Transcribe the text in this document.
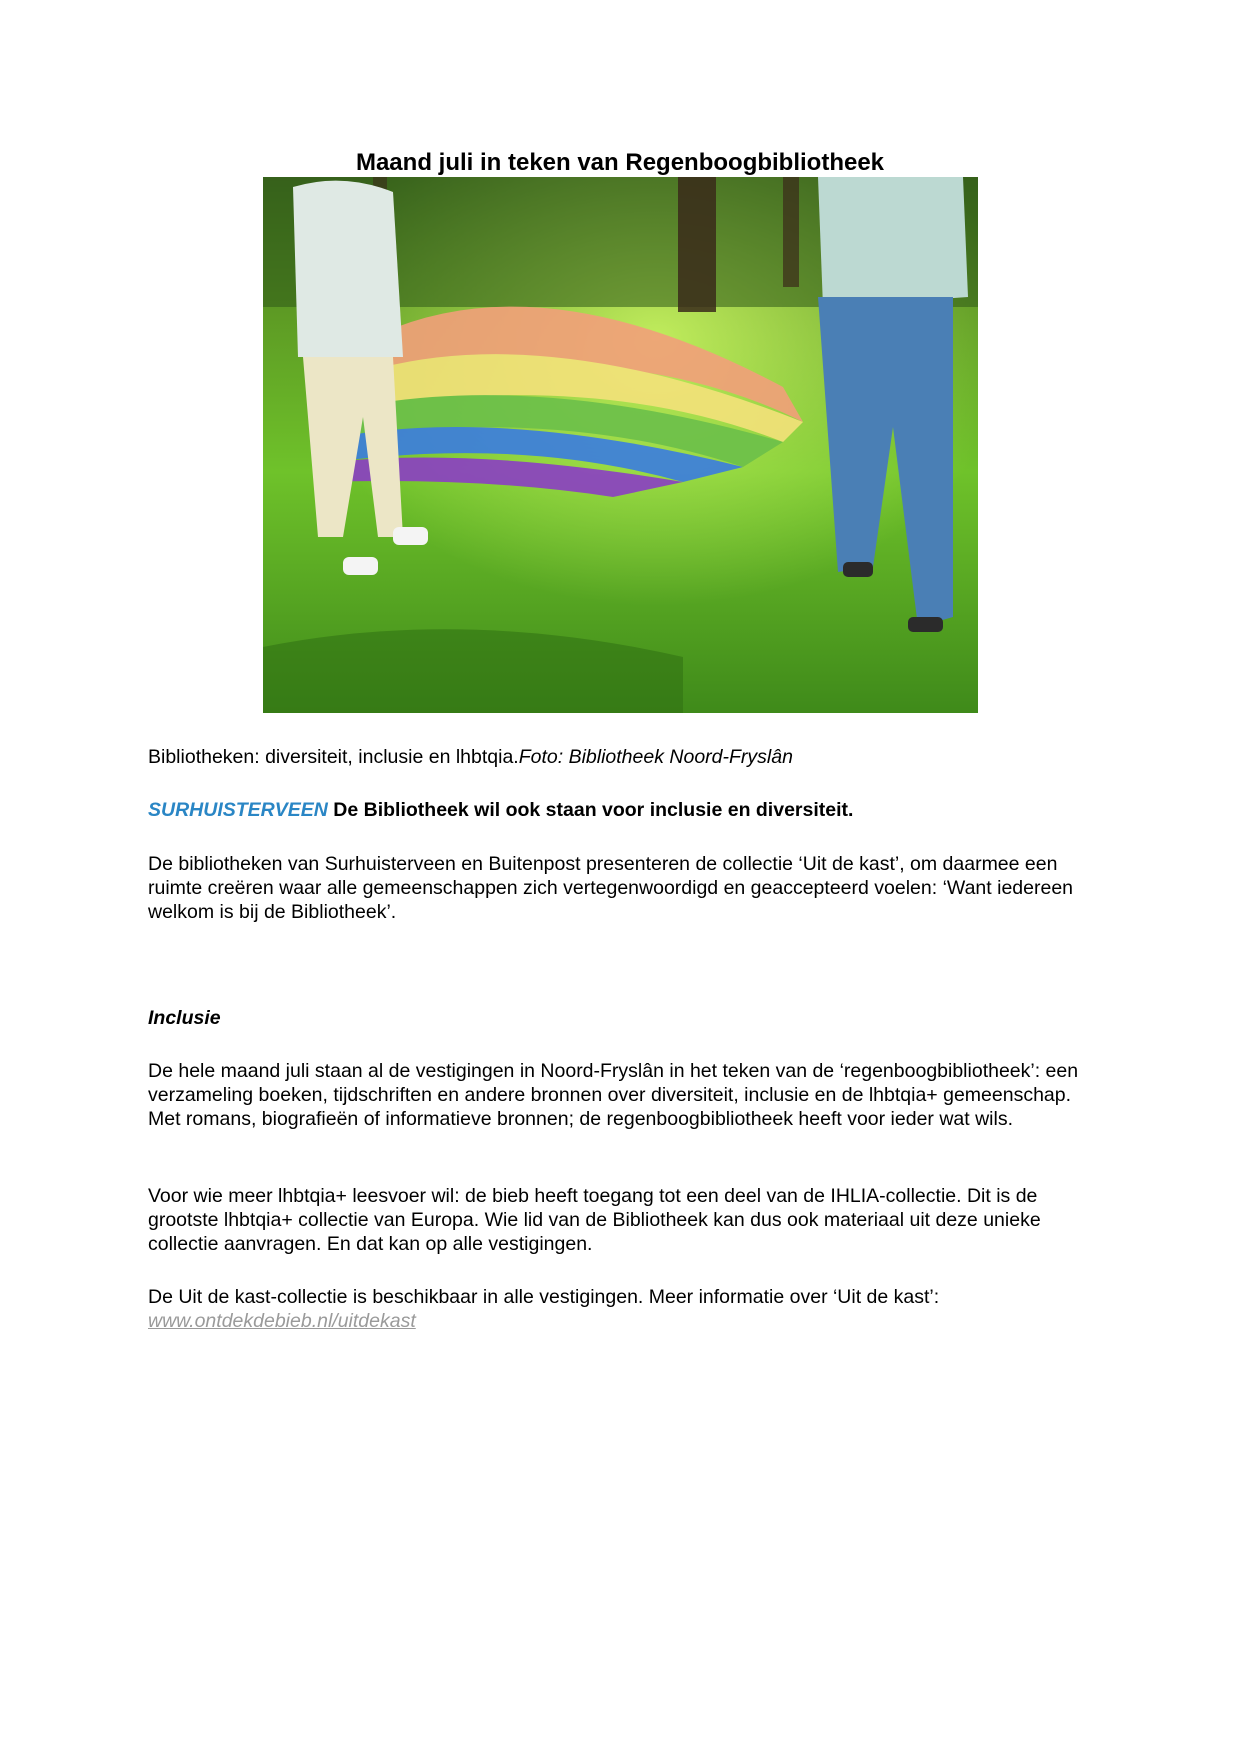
Maand juli in teken van Regenboogbibliotheek

Bibliotheken: diversiteit, inclusie en lhbtqia.Foto: Bibliotheek Noord-Fryslân

SURHUISTERVEEN De Bibliotheek wil ook staan voor inclusie en diversiteit.

De bibliotheken van Surhuisterveen en Buitenpost presenteren de collectie ‘Uit de kast’, om daarmee een ruimte creëren waar alle gemeenschappen zich vertegenwoordigd en geaccepteerd voelen: ‘Want iedereen welkom is bij de Bibliotheek’.

Inclusie

De hele maand juli staan al de vestigingen in Noord-Fryslân in het teken van de ‘regenboogbibliotheek’: een verzameling boeken, tijdschriften en andere bronnen over diversiteit, inclusie en de lhbtqia+ gemeenschap. Met romans, biografieën of informatieve bronnen; de regenboogbibliotheek heeft voor ieder wat wils.

Voor wie meer lhbtqia+ leesvoer wil: de bieb heeft toegang tot een deel van de IHLIA-collectie. Dit is de grootste lhbtqia+ collectie van Europa. Wie lid van de Bibliotheek kan dus ook materiaal uit deze unieke collectie aanvragen. En dat kan op alle vestigingen.

De Uit de kast-collectie is beschikbaar in alle vestigingen. Meer informatie over ‘Uit de kast’: www.ontdekdebieb.nl/uitdekast
